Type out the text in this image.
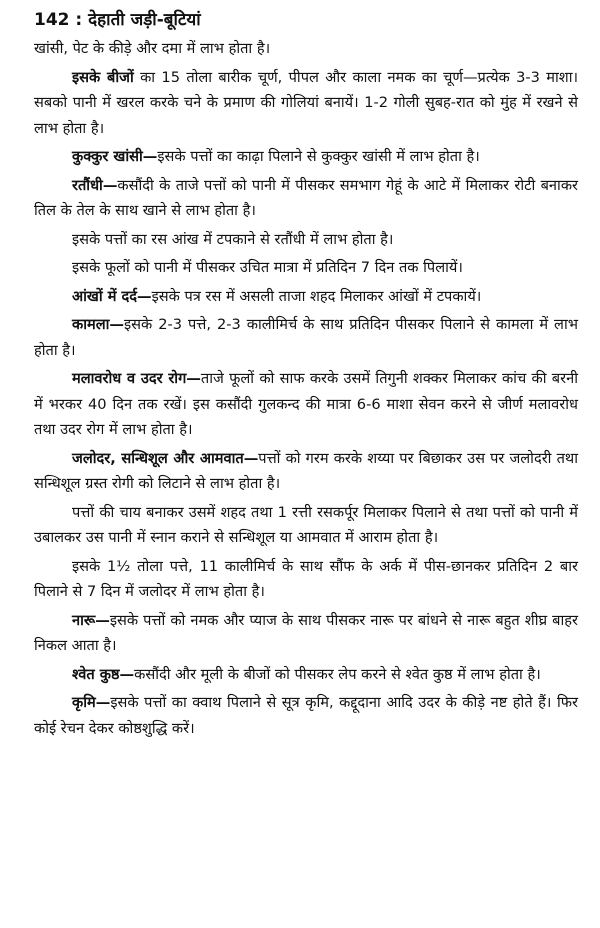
142 : देहाती जड़ी-बूटियां

खांसी, पेट के कीड़े और दमा में लाभ होता है।

इसके बीजों का 15 तोला बारीक चूर्ण, पीपल और काला नमक का चूर्ण—प्रत्येक 3-3 माशा। सबको पानी में खरल करके चने के प्रमाण की गोलियां बनायें। 1-2 गोली सुबह-रात को मुंह में रखने से लाभ होता है।

कुक्कुर खांसी—इसके पत्तों का काढ़ा पिलाने से कुक्कुर खांसी में लाभ होता है।

रतौंधी—कसौंदी के ताजे पत्तों को पानी में पीसकर समभाग गेहूं के आटे में मिलाकर रोटी बनाकर तिल के तेल के साथ खाने से लाभ होता है।

इसके पत्तों का रस आंख में टपकाने से रतौंधी में लाभ होता है।

इसके फूलों को पानी में पीसकर उचित मात्रा में प्रतिदिन 7 दिन तक पिलायें।

आंखों में दर्द—इसके पत्र रस में असली ताजा शहद मिलाकर आंखों में टपकायें।

कामला—इसके 2-3 पत्ते, 2-3 कालीमिर्च के साथ प्रतिदिन पीसकर पिलाने से कामला में लाभ होता है।

मलावरोध व उदर रोग—ताजे फूलों को साफ करके उसमें तिगुनी शक्कर मिलाकर कांच की बरनी में भरकर 40 दिन तक रखें। इस कसौंदी गुलकन्द की मात्रा 6-6 माशा सेवन करने से जीर्ण मलावरोध तथा उदर रोग में लाभ होता है।

जलोदर, सन्धिशूल और आमवात—पत्तों को गरम करके शय्या पर बिछाकर उस पर जलोदरी तथा सन्धिशूल ग्रस्त रोगी को लिटाने से लाभ होता है।

पत्तों की चाय बनाकर उसमें शहद तथा 1 रत्ती रसकर्पूर मिलाकर पिलाने से तथा पत्तों को पानी में उबालकर उस पानी में स्नान कराने से सन्धिशूल या आमवात में आराम होता है।

इसके 1½ तोला पत्ते, 11 कालीमिर्च के साथ सौंफ के अर्क में पीस-छानकर प्रतिदिन 2 बार पिलाने से 7 दिन में जलोदर में लाभ होता है।

नारू—इसके पत्तों को नमक और प्याज के साथ पीसकर नारू पर बांधने से नारू बहुत शीघ्र बाहर निकल आता है।

श्वेत कुष्ठ—कसौंदी और मूली के बीजों को पीसकर लेप करने से श्वेत कुष्ठ में लाभ होता है।

कृमि—इसके पत्तों का क्वाथ पिलाने से सूत्र कृमि, कद्दूदाना आदि उदर के कीड़े नष्ट होते हैं। फिर कोई रेचन देकर कोष्ठशुद्धि करें।
